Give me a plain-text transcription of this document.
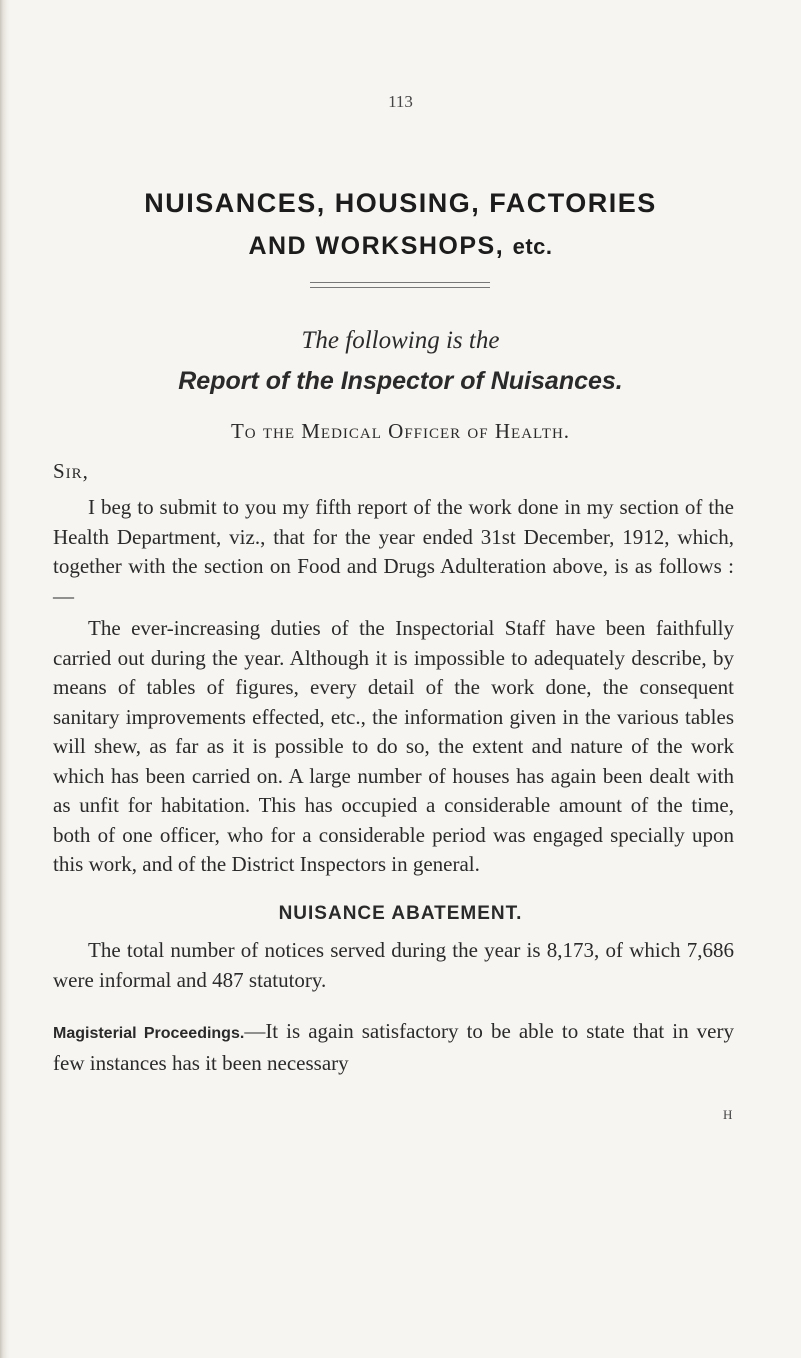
113
NUISANCES, HOUSING, FACTORIES
AND WORKSHOPS, etc.
The following is the
Report of the Inspector of Nuisances.
To the Medical Officer of Health.
Sir,
I beg to submit to you my fifth report of the work done in my section of the Health Department, viz., that for the year ended 31st December, 1912, which, together with the section on Food and Drugs Adulteration above, is as follows :—
The ever-increasing duties of the Inspectorial Staff have been faithfully carried out during the year. Although it is impossible to adequately describe, by means of tables of figures, every detail of the work done, the consequent sanitary improvements effected, etc., the information given in the various tables will shew, as far as it is possible to do so, the extent and nature of the work which has been carried on. A large number of houses has again been dealt with as unfit for habitation. This has occupied a considerable amount of the time, both of one officer, who for a considerable period was engaged specially upon this work, and of the District Inspectors in general.
NUISANCE ABATEMENT.
The total number of notices served during the year is 8,173, of which 7,686 were informal and 487 statutory.
Magisterial Proceedings.—It is again satisfactory to be able to state that in very few instances has it been necessary
H
